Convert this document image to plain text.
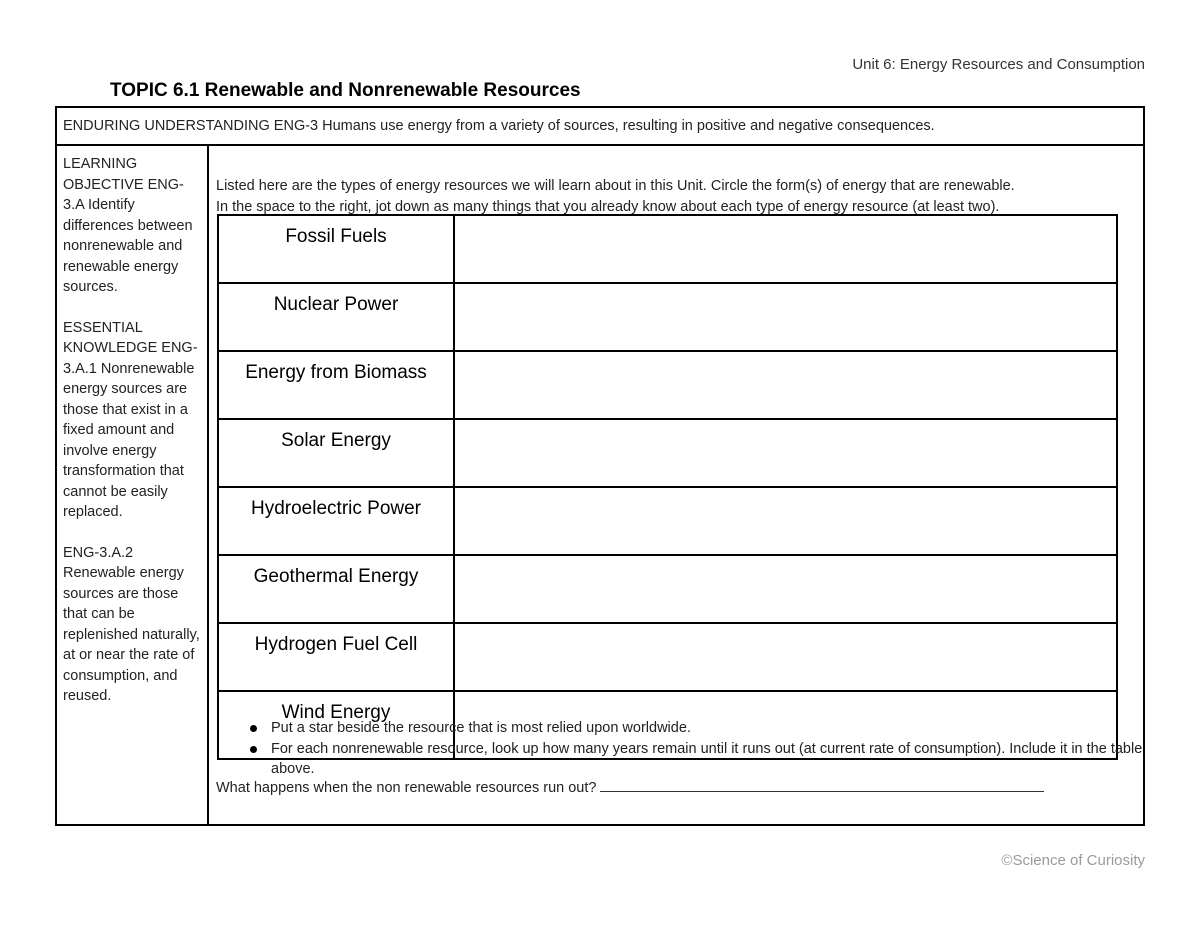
Unit 6: Energy Resources and Consumption
TOPIC 6.1 Renewable and Nonrenewable Resources
ENDURING UNDERSTANDING ENG-3 Humans use energy from a variety of sources, resulting in positive and negative consequences.

LEARNING OBJECTIVE ENG-3.A Identify differences between nonrenewable and renewable energy sources.

ESSENTIAL KNOWLEDGE ENG-3.A.1 Nonrenewable energy sources are those that exist in a fixed amount and involve energy transformation that cannot be easily replaced.

ENG-3.A.2 Renewable energy sources are those that can be replenished naturally, at or near the rate of consumption, and reused.

Listed here are the types of energy resources we will learn about in this Unit. Circle the form(s) of energy that are renewable.
In the space to the right, jot down as many things that you already know about each type of energy resource (at least two).
Fossil Fuels	
Nuclear Power	
Energy from Biomass	
Solar Energy	
Hydroelectric Power	
Geothermal Energy	
Hydrogen Fuel Cell	
Wind Energy	
Put a star beside the resource that is most relied upon worldwide.
For each nonrenewable resource, look up how many years remain until it runs out (at current rate of consumption). Include it in the table above.
What happens when the non renewable resources run out?
©Science of Curiosity
